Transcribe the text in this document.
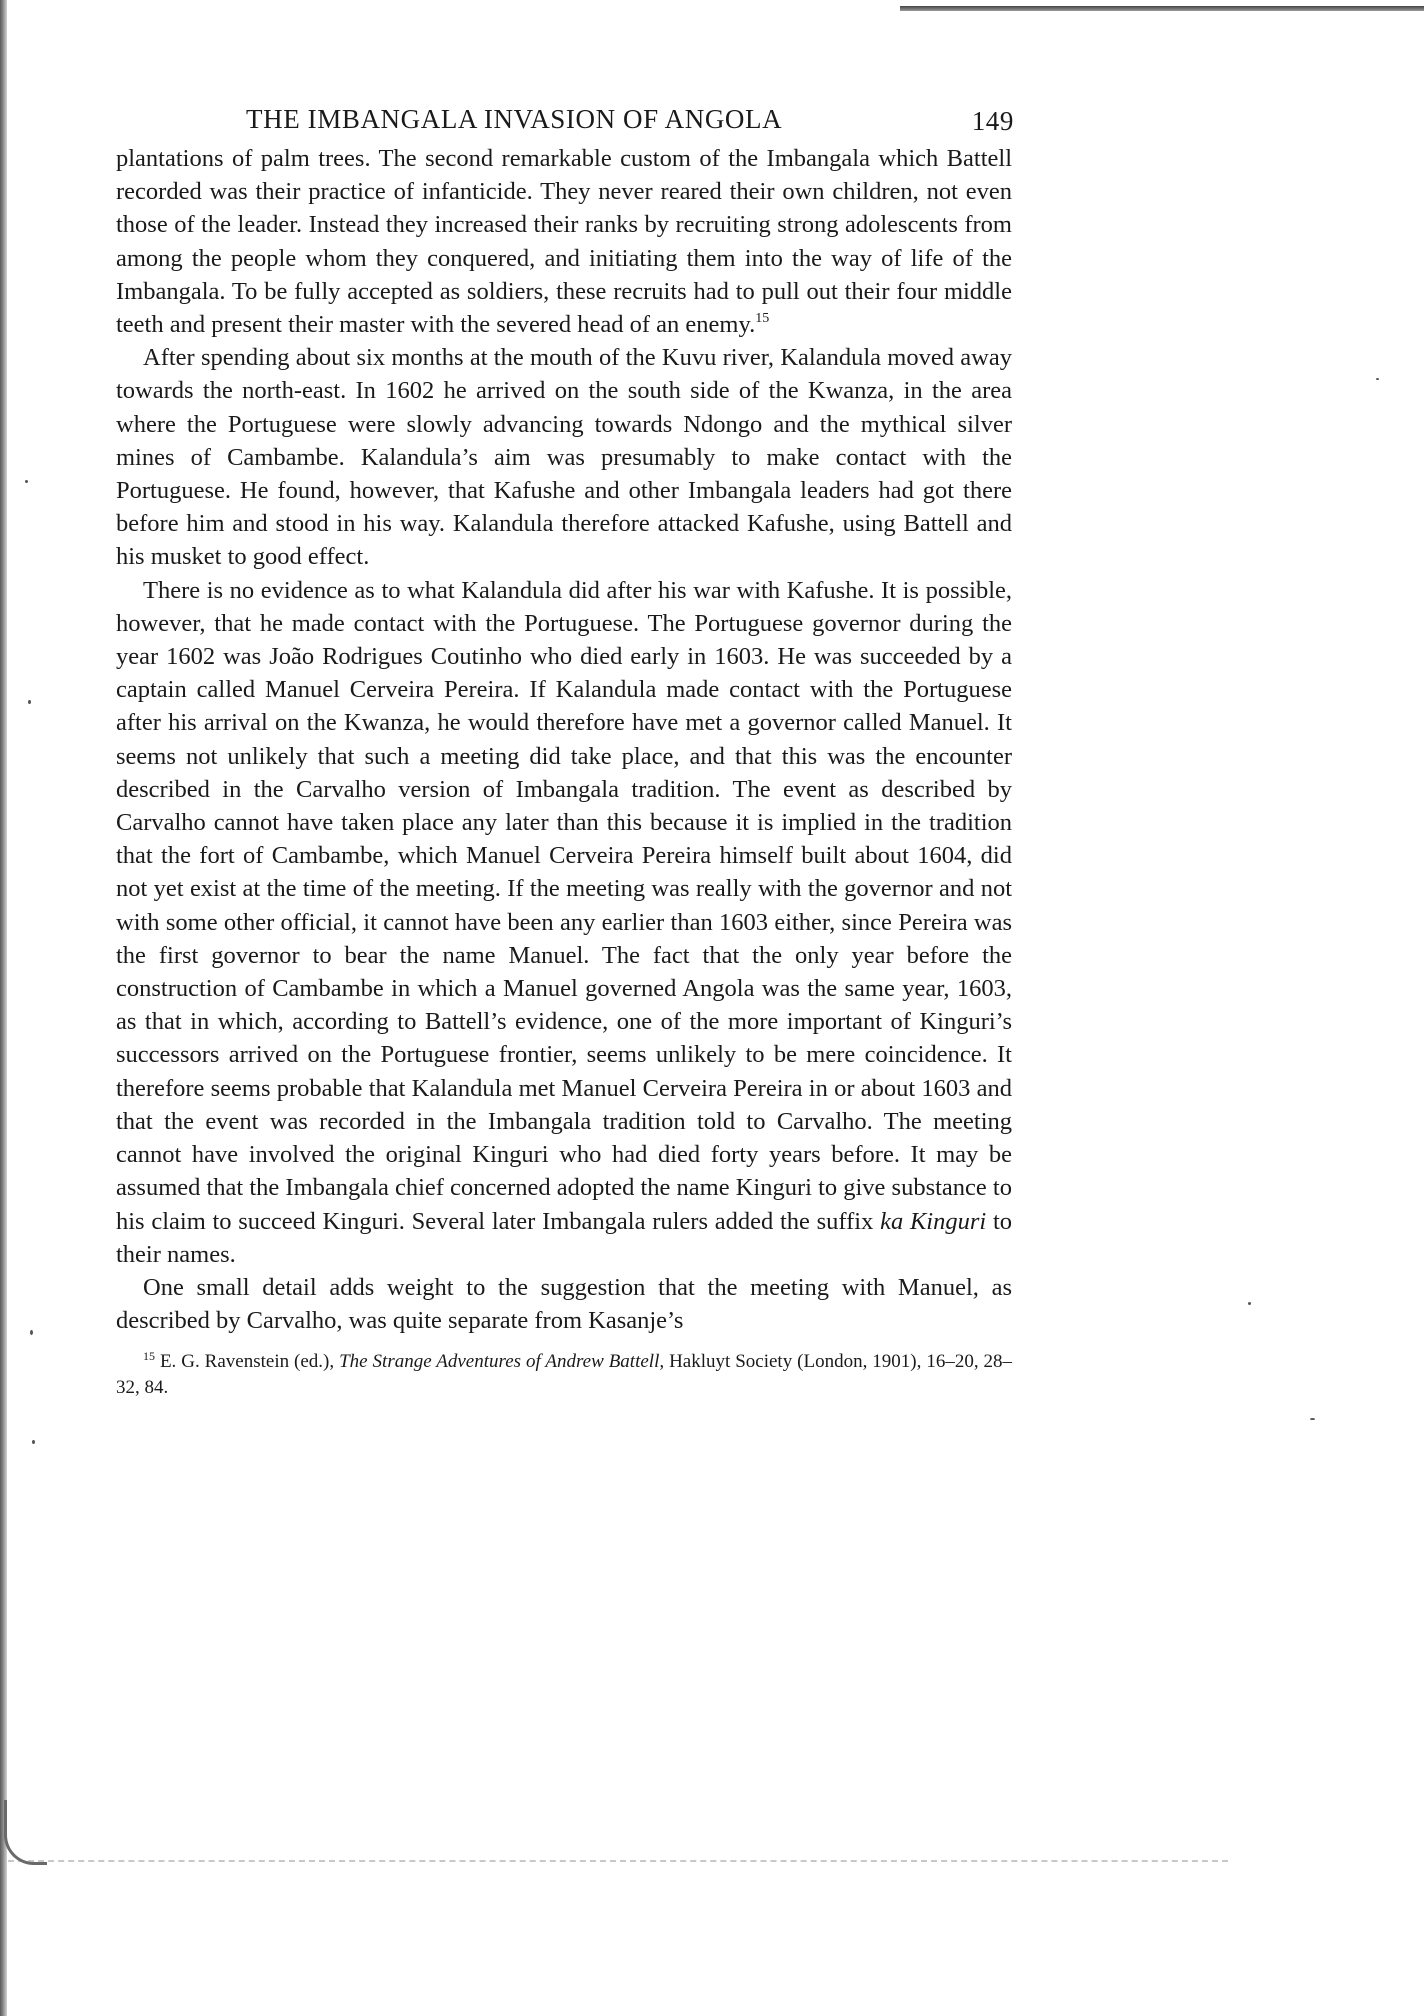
THE IMBANGALA INVASION OF ANGOLA	149

plantations of palm trees. The second remarkable custom of the Imbangala which Battell recorded was their practice of infanticide. They never reared their own children, not even those of the leader. Instead they increased their ranks by recruiting strong adolescents from among the people whom they conquered, and initiating them into the way of life of the Imbangala. To be fully accepted as soldiers, these recruits had to pull out their four middle teeth and present their master with the severed head of an enemy.$^{15}$

After spending about six months at the mouth of the Kuvu river, Kalandula moved away towards the north-east. In 1602 he arrived on the south side of the Kwanza, in the area where the Portuguese were slowly advancing towards Ndongo and the mythical silver mines of Cambambe. Kalandula’s aim was presumably to make contact with the Portuguese. He found, however, that Kafushe and other Imbangala leaders had got there before him and stood in his way. Kalandula therefore attacked Kafushe, using Battell and his musket to good effect.

There is no evidence as to what Kalandula did after his war with Kafushe. It is possible, however, that he made contact with the Portuguese. The Portuguese governor during the year 1602 was João Rodrigues Coutinho who died early in 1603. He was succeeded by a captain called Manuel Cerveira Pereira. If Kalandula made contact with the Portuguese after his arrival on the Kwanza, he would therefore have met a governor called Manuel. It seems not unlikely that such a meeting did take place, and that this was the encounter described in the Carvalho version of Imbangala tradition. The event as described by Carvalho cannot have taken place any later than this because it is implied in the tradition that the fort of Cambambe, which Manuel Cerveira Pereira himself built about 1604, did not yet exist at the time of the meeting. If the meeting was really with the governor and not with some other official, it cannot have been any earlier than 1603 either, since Pereira was the first governor to bear the name Manuel. The fact that the only year before the construction of Cambambe in which a Manuel governed Angola was the same year, 1603, as that in which, according to Battell’s evidence, one of the more important of Kinguri’s successors arrived on the Portuguese frontier, seems unlikely to be mere coincidence. It therefore seems probable that Kalandula met Manuel Cerveira Pereira in or about 1603 and that the event was recorded in the Imbangala tradition told to Carvalho. The meeting cannot have involved the original Kinguri who had died forty years before. It may be assumed that the Imbangala chief concerned adopted the name Kinguri to give substance to his claim to succeed Kinguri. Several later Imbangala rulers added the suffix ka Kinguri to their names.

One small detail adds weight to the suggestion that the meeting with Manuel, as described by Carvalho, was quite separate from Kasanje’s

$^{15}$ E. G. Ravenstein (ed.), The Strange Adventures of Andrew Battell, Hakluyt Society (London, 1901), 16–20, 28–32, 84.
